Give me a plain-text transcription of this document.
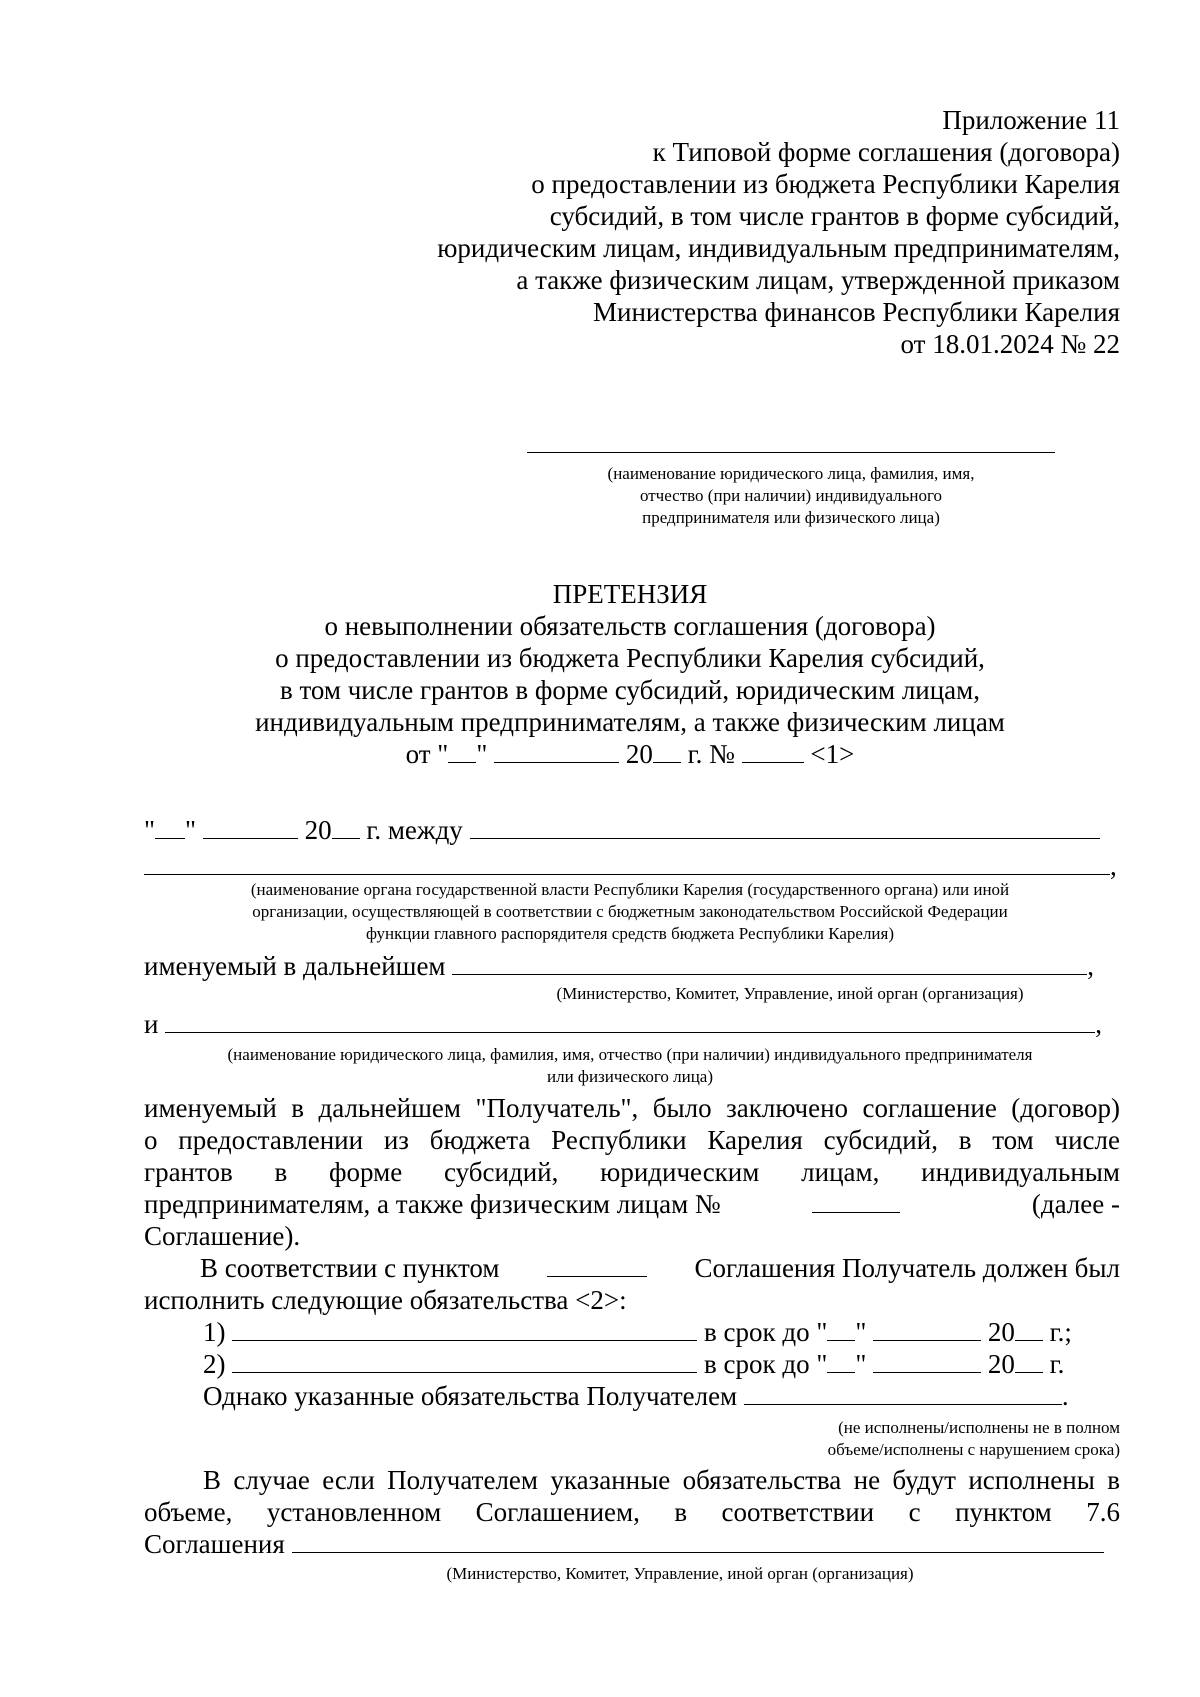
Приложение 11
к Типовой форме соглашения (договора)
о предоставлении из бюджета Республики Карелия
субсидий, в том числе грантов в форме субсидий,
юридическим лицам, индивидуальным предпринимателям,
а также физическим лицам, утвержденной приказом
Министерства финансов Республики Карелия
от 18.01.2024 № 22
(наименование юридического лица, фамилия, имя,
отчество (при наличии) индивидуального
предпринимателя или физического лица)
ПРЕТЕНЗИЯ
о невыполнении обязательств соглашения (договора)
о предоставлении из бюджета Республики Карелия субсидий,
в том числе грантов в форме субсидий, юридическим лицам,
индивидуальным предпринимателям, а также физическим лицам
от " "	20 г. №	<1>
" "	20 г. между
,
(наименование органа государственной власти Республики Карелия (государственного органа) или иной
организации, осуществляющей в соответствии с бюджетным законодательством Российской Федерации
функции главного распорядителя средств бюджета Республики Карелия)
именуемый в дальнейшем	,
(Министерство, Комитет, Управление, иной орган (организация)
и	,
(наименование юридического лица, фамилия, имя, отчество (при наличии) индивидуального предпринимателя
или физического лица)
именуемый в дальнейшем "Получатель", было заключено соглашение (договор)
о предоставлении из бюджета Республики Карелия субсидий, в том числе
грантов в форме субсидий, юридическим лицам, индивидуальным
предпринимателям, а также физическим лицам №	(далее -
Соглашение).
В соответствии с пунктом	Соглашения Получатель должен был
исполнить следующие обязательства <2>:
1)	в срок до " "	20 г.;
2)	в срок до " "	20 г.
Однако указанные обязательства Получателем	.
(не исполнены/исполнены не в полном
объеме/исполнены с нарушением срока)
В случае если Получателем указанные обязательства не будут исполнены в
объеме, установленном Соглашением, в соответствии с пунктом 7.6
Соглашения
(Министерство, Комитет, Управление, иной орган (организация)
